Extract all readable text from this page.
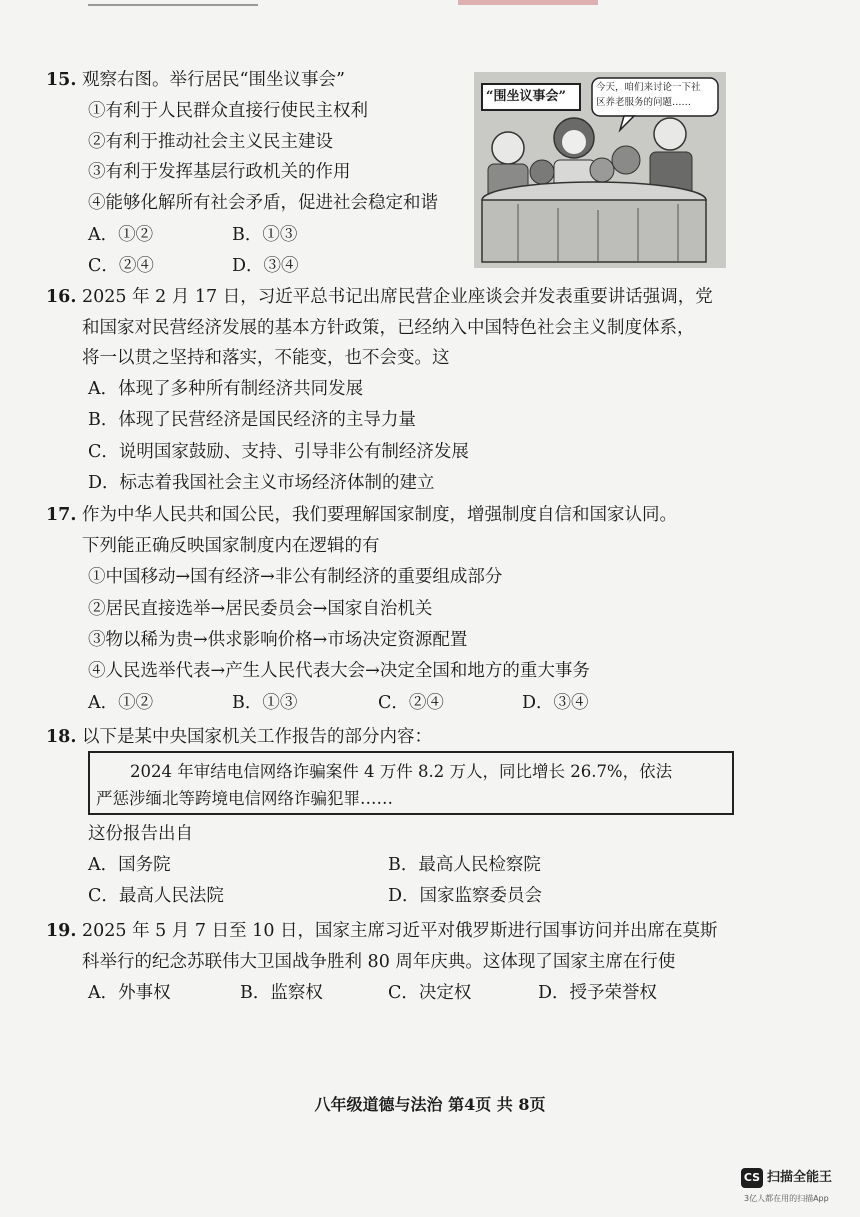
15. 观察右图。举行居民“围坐议事会”
①有利于人民群众直接行使民主权利
②有利于推动社会主义民主建设
③有利于发挥基层行政机关的作用
④能够化解所有社会矛盾，促进社会稳定和谐
A．①②	B．①③
C．②④	D．③④
“围坐议事会”
今天，咱们来讨论一下社
区养老服务的问题……
16. 2025 年 2 月 17 日，习近平总书记出席民营企业座谈会并发表重要讲话强调，党
和国家对民营经济发展的基本方针政策，已经纳入中国特色社会主义制度体系，
将一以贯之坚持和落实，不能变，也不会变。这
A．体现了多种所有制经济共同发展
B．体现了民营经济是国民经济的主导力量
C．说明国家鼓励、支持、引导非公有制经济发展
D．标志着我国社会主义市场经济体制的建立
17. 作为中华人民共和国公民，我们要理解国家制度，增强制度自信和国家认同。
下列能正确反映国家制度内在逻辑的有
①中国移动→国有经济→非公有制经济的重要组成部分
②居民直接选举→居民委员会→国家自治机关
③物以稀为贵→供求影响价格→市场决定资源配置
④人民选举代表→产生人民代表大会→决定全国和地方的重大事务
A．①②	B．①③	C．②④	D．③④
18. 以下是某中央国家机关工作报告的部分内容：
2024 年审结电信网络诈骗案件 4 万件 8.2 万人，同比增长 26.7%，依法
严惩涉缅北等跨境电信网络诈骗犯罪……
这份报告出自
A．国务院	B．最高人民检察院
C．最高人民法院	D．国家监察委员会
19. 2025 年 5 月 7 日至 10 日，国家主席习近平对俄罗斯进行国事访问并出席在莫斯
科举行的纪念苏联伟大卫国战争胜利 80 周年庆典。这体现了国家主席在行使
A．外事权	B．监察权	C．决定权	D．授予荣誉权
八年级道德与法治 第4页 共 8页
CS 扫描全能王
3亿人都在用的扫描App
